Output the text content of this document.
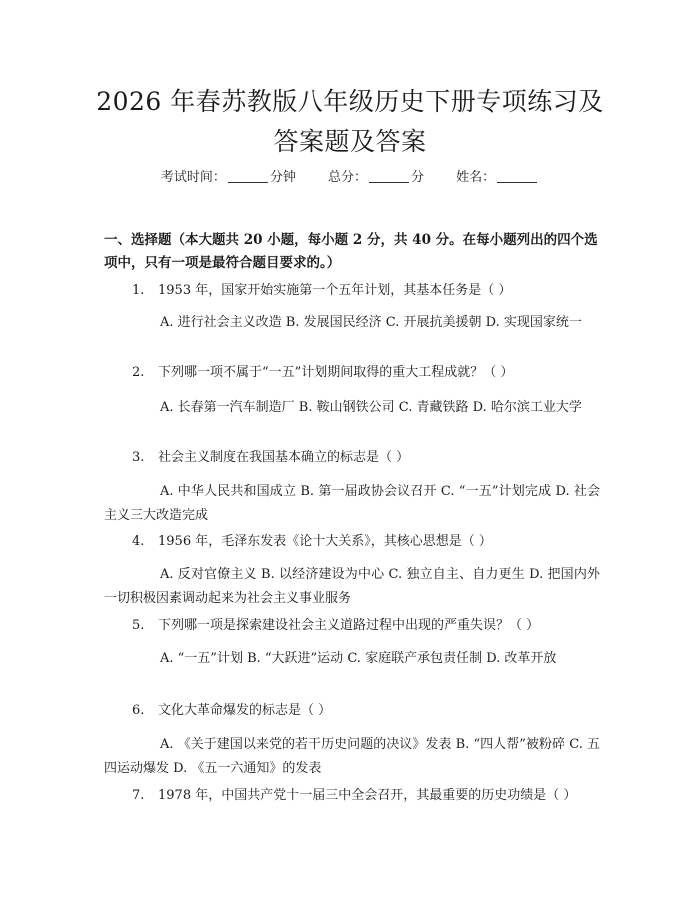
2026 年春苏教版八年级历史下册专项练习及
答案题及答案
考试时间：	分钟 总分：	分 姓名：
一、选择题（本大题共 20 小题，每小题 2 分，共 40 分。在每小题列出的四个选项中，只有一项是最符合题目要求的。）
1. 1953 年，国家开始实施第一个五年计划，其基本任务是（ ）
A. 进行社会主义改造 B. 发展国民经济 C. 开展抗美援朝 D. 实现国家统一
2. 下列哪一项不属于“一五”计划期间取得的重大工程成就？（ ）
A. 长春第一汽车制造厂 B. 鞍山钢铁公司 C. 青藏铁路 D. 哈尔滨工业大学
3. 社会主义制度在我国基本确立的标志是（ ）
A. 中华人民共和国成立 B. 第一届政协会议召开 C. “一五”计划完成 D. 社会主义三大改造完成
4. 1956 年，毛泽东发表《论十大关系》，其核心思想是（ ）
A. 反对官僚主义 B. 以经济建设为中心 C. 独立自主、自力更生 D. 把国内外一切积极因素调动起来为社会主义事业服务
5. 下列哪一项是探索建设社会主义道路过程中出现的严重失误？（ ）
A. “一五”计划 B. “大跃进”运动 C. 家庭联产承包责任制 D. 改革开放
6. 文化大革命爆发的标志是（ ）
A. 《关于建国以来党的若干历史问题的决议》发表 B. “四人帮”被粉碎 C. 五四运动爆发 D. 《五一六通知》的发表
7. 1978 年，中国共产党十一届三中全会召开，其最重要的历史功绩是（ ）
